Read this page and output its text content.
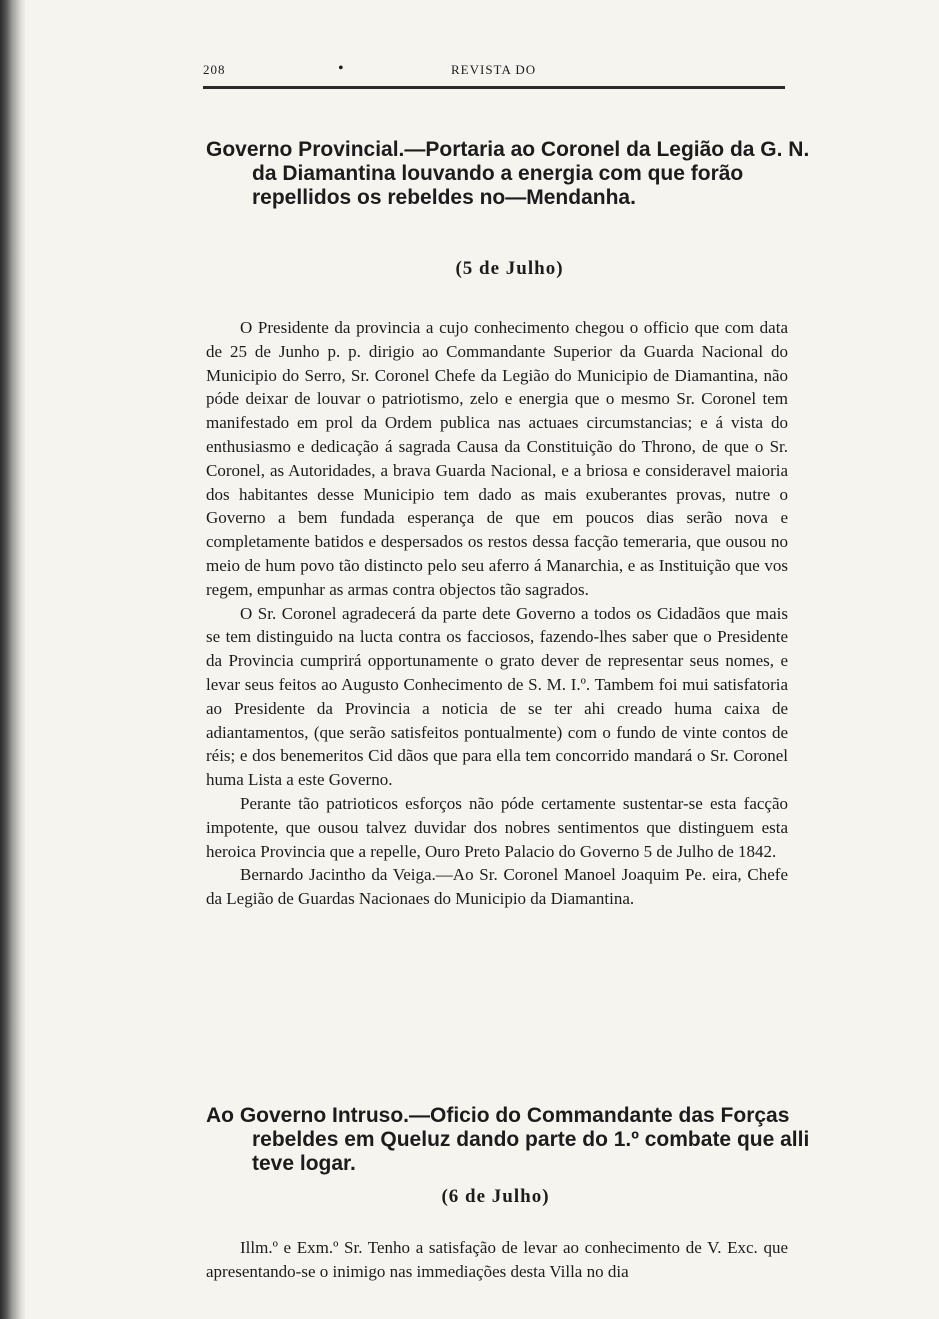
208	•	REVISTA DO
Governo Provincial.—Portaria ao Coronel da Legião da G. N. da Diamantina louvando a energia com que forão repellidos os rebeldes no—Mendanha.
(5 de Julho)

O Presidente da provincia a cujo conhecimento chegou o officio que com data de 25 de Junho p. p. dirigio ao Commandante Superior da Guarda Nacional do Municipio do Serro, Sr. Coronel Chefe da Legião do Municipio de Diamantina, não póde deixar de louvar o patriotismo, zelo e energia que o mesmo Sr. Coronel tem manifestado em prol da Ordem publica nas actuaes circumstancias; e á vista do enthusiasmo e dedicação á sagrada Causa da Constituição do Throno, de que o Sr. Coronel, as Autoridades, a brava Guarda Nacional, e a briosa e consideravel maioria dos habitantes desse Municipio tem dado as mais exuberantes provas, nutre o Governo a bem fundada esperança de que em poucos dias serão nova e completamente batidos e despersados os restos dessa facção temeraria, que ousou no meio de hum povo tão distincto pelo seu aferro á Manarchia, e as Instituição que vos regem, empunhar as armas contra objectos tão sagrados.

O Sr. Coronel agradecerá da parte dete Governo a todos os Cidadãos que mais se tem distinguido na lucta contra os facciosos, fazendo-lhes saber que o Presidente da Provincia cumprirá opportunamente o grato dever de representar seus nomes, e levar seus feitos ao Augusto Conhecimento de S. M. I.º. Tambem foi mui satisfatoria ao Presidente da Provincia a noticia de se ter ahi creado huma caixa de adiantamentos, (que serão satisfeitos pontualmente) com o fundo de vinte contos de réis; e dos benemeritos Cid dãos que para ella tem concorrido mandará o Sr. Coronel huma Lista a este Governo.

Perante tão patrioticos esforços não póde certamente sustentar-se esta facção impotente, que ousou talvez duvidar dos nobres sentimentos que distinguem esta heroica Provincia que a repelle, Ouro Preto Palacio do Governo 5 de Julho de 1842.

Bernardo Jacintho da Veiga.—Ao Sr. Coronel Manoel Joaquim Pe. eira, Chefe da Legião de Guardas Nacionaes do Municipio da Diamantina.

Ao Governo Intruso.—Oficio do Commandante das Forças rebeldes em Queluz dando parte do 1.º combate que alli teve logar.
(6 de Julho)

Illm.º e Exm.º Sr. Tenho a satisfação de levar ao conhecimento de V. Exc. que apresentando-se o inimigo nas immediações desta Villa no dia
